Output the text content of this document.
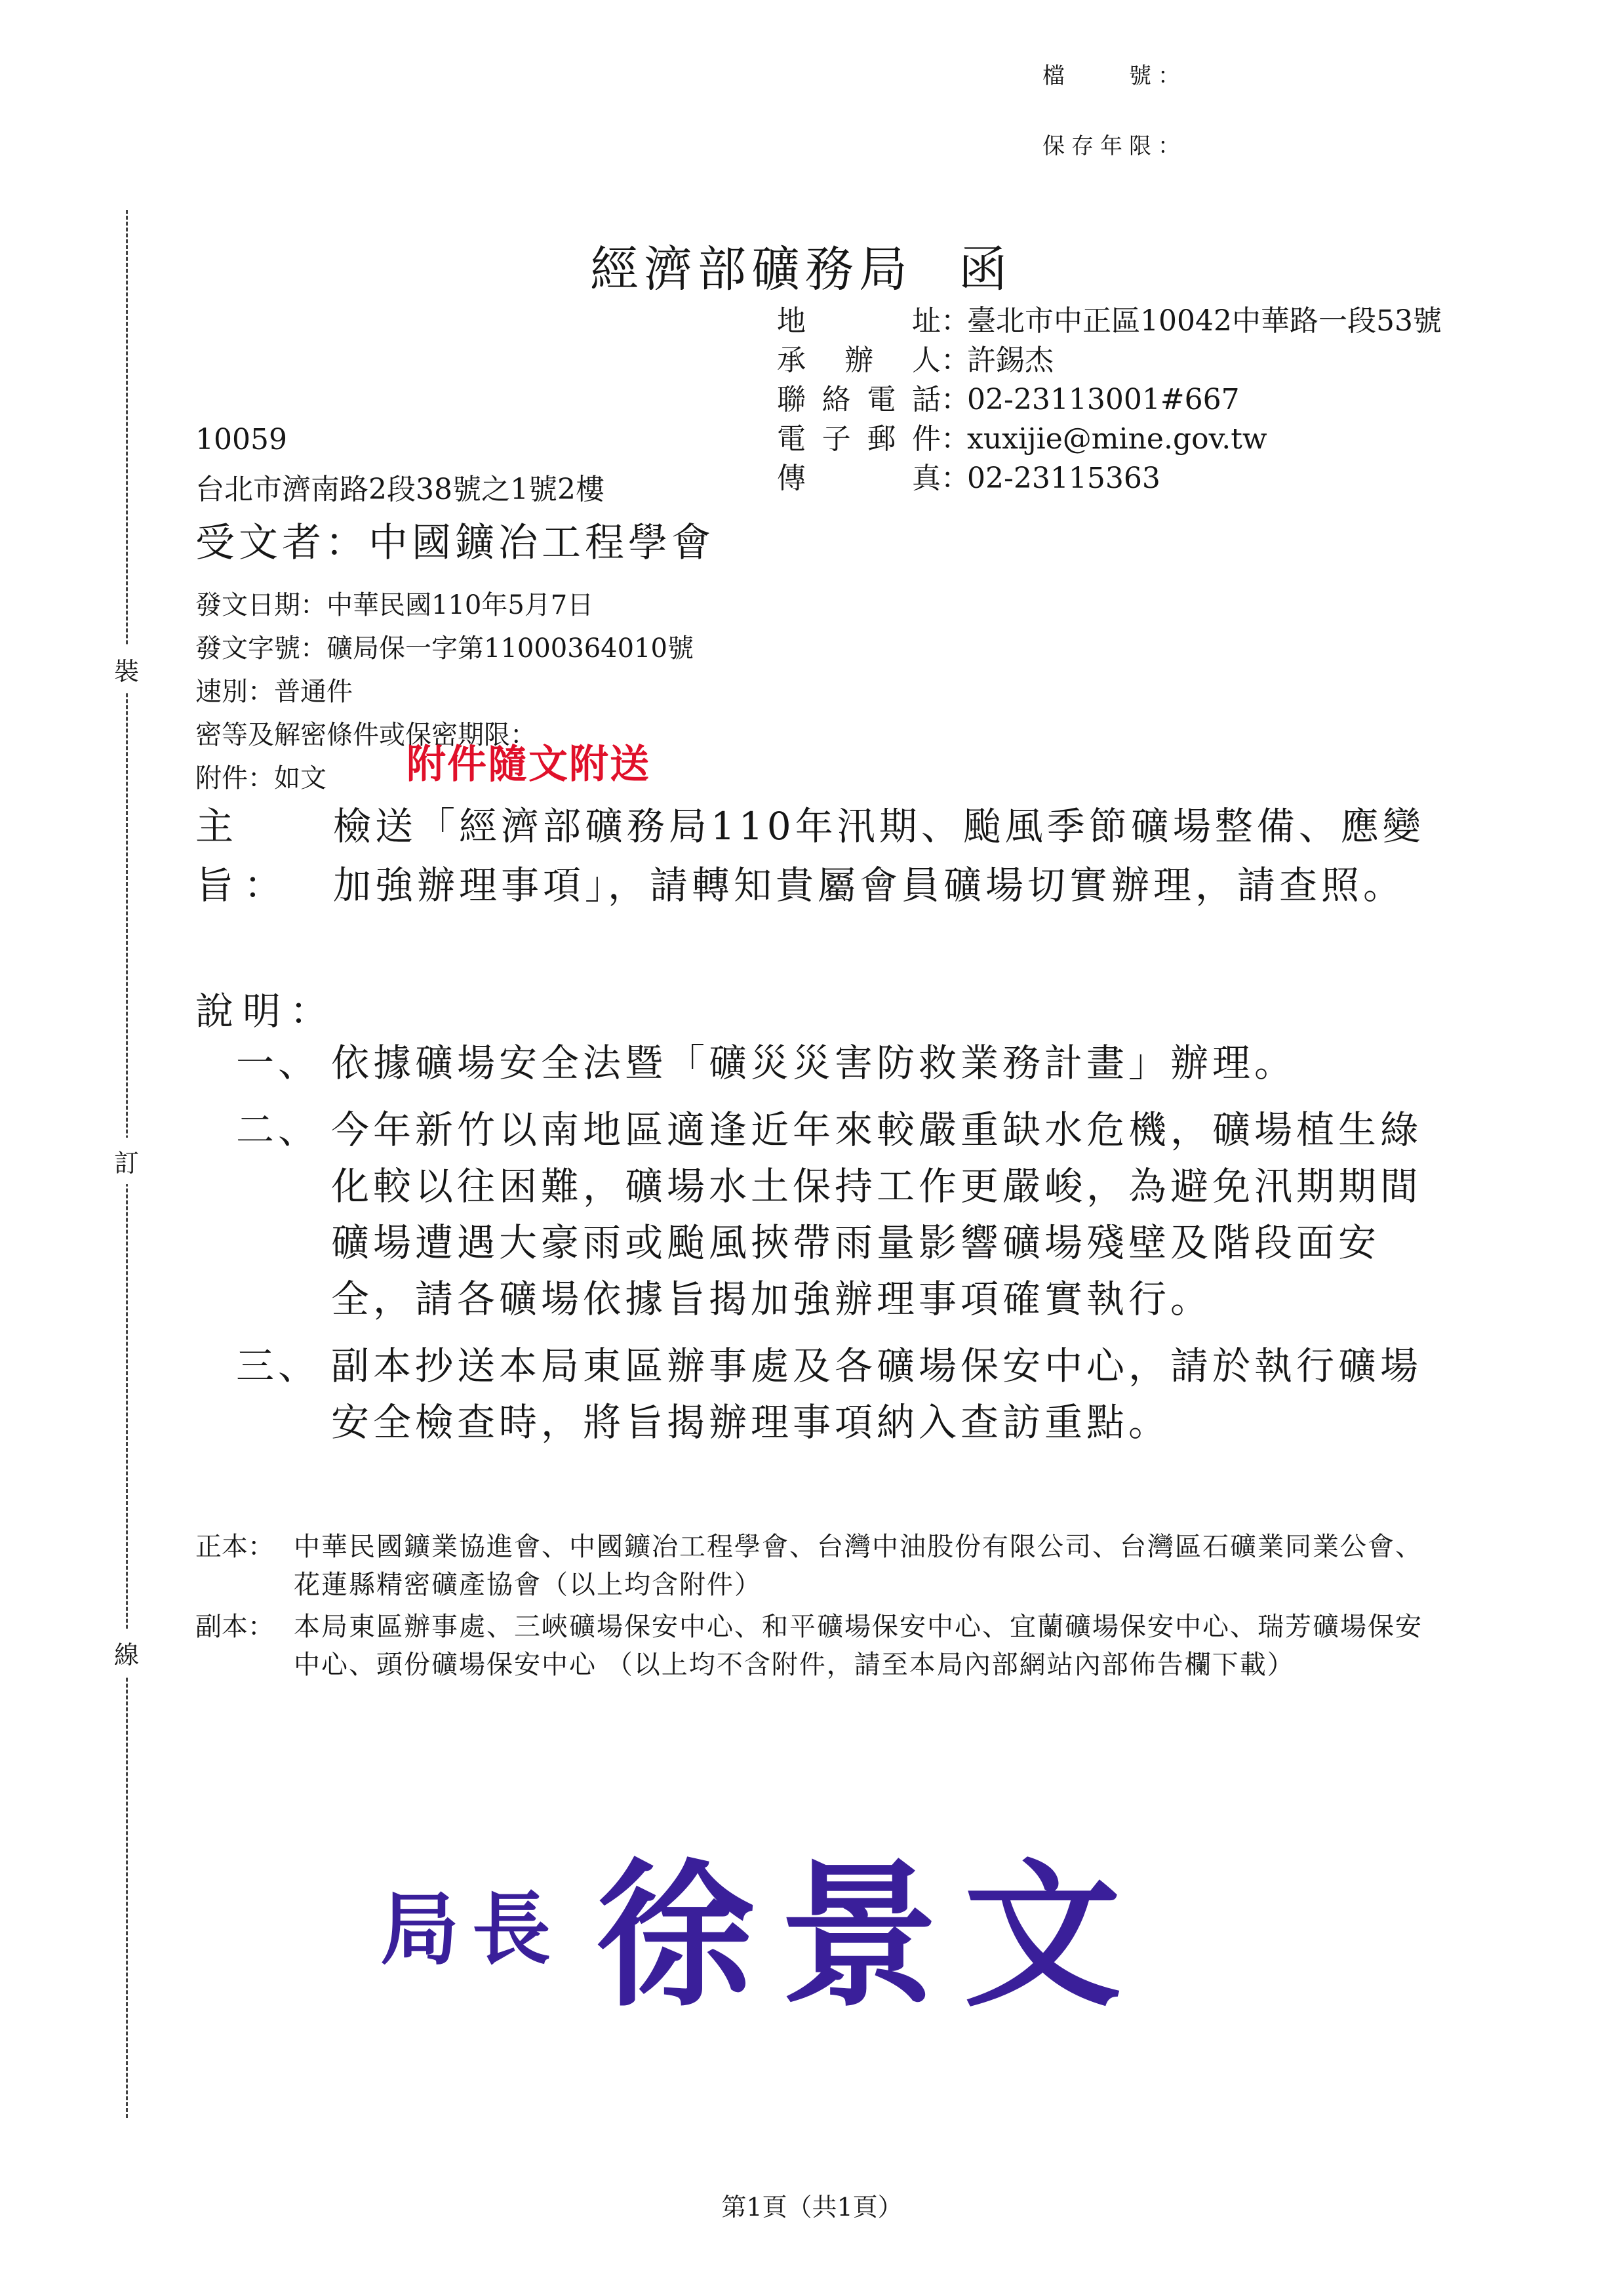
檔　　號：
保存年限：
裝
訂
線
經濟部礦務局 函
地址 ：
臺北市中正區10042中華路一段53號
承辦人 ：
許錫杰
聯絡電話 ：
02-23113001#667
電子郵件 ：
xuxijie@mine.gov.tw
傳真 ：
02-23115363
10059
台北市濟南路2段38號之1號2樓
受文者：中國鑛冶工程學會
發文日期：中華民國110年5月7日
發文字號：礦局保一字第11000364010號
速別：普通件
密等及解密條件或保密期限：
附件：如文	附件隨文附送
主旨：
檢送「經濟部礦務局110年汛期、颱風季節礦場整備、應變加強辦理事項」，請轉知貴屬會員礦場切實辦理，請查照。
說明：
一、 依據礦場安全法暨「礦災災害防救業務計畫」辦理。
二、 今年新竹以南地區適逢近年來較嚴重缺水危機，礦場植生綠化較以往困難，礦場水土保持工作更嚴峻，為避免汛期期間礦場遭遇大豪雨或颱風挾帶雨量影響礦場殘壁及階段面安全，請各礦場依據旨揭加強辦理事項確實執行。
三、 副本抄送本局東區辦事處及各礦場保安中心，請於執行礦場安全檢查時，將旨揭辦理事項納入查訪重點。
正本： 中華民國鑛業協進會、中國鑛冶工程學會、台灣中油股份有限公司、台灣區石礦業同業公會、花蓮縣精密礦產協會（以上均含附件）
副本： 本局東區辦事處、三峽礦場保安中心、和平礦場保安中心、宜蘭礦場保安中心、瑞芳礦場保安中心、頭份礦場保安中心 （以上均不含附件，請至本局內部網站內部佈告欄下載）
局長 徐景文
第1頁（共1頁）
